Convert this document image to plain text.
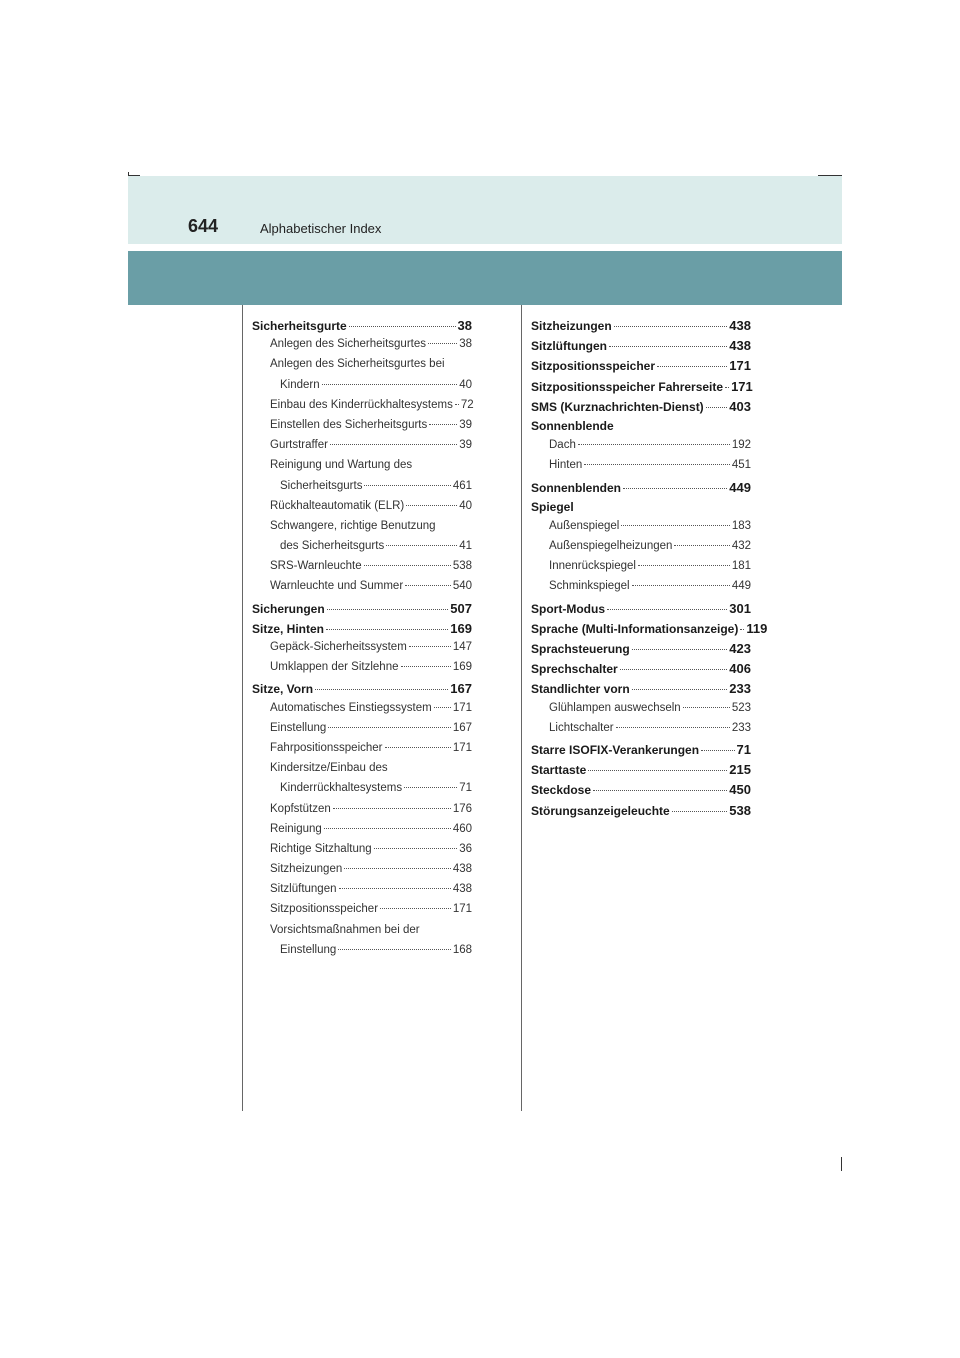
644	Alphabetischer Index
Sicherheitsgurte	38
Anlegen des Sicherheitsgurtes	38
Anlegen des Sicherheitsgurtes bei
Kindern	40
Einbau des Kinderrückhaltesystems 72
Einstellen des Sicherheitsgurts	39
Gurtstraffer	39
Reinigung und Wartung des
Sicherheitsgurts	461
Rückhalteautomatik (ELR)	40
Schwangere, richtige Benutzung
des Sicherheitsgurts	41
SRS-Warnleuchte	538
Warnleuchte und Summer	540
Sicherungen	507
Sitze, Hinten	169
Gepäck-Sicherheitssystem	147
Umklappen der Sitzlehne	169
Sitze, Vorn	167
Automatisches Einstiegssystem 171
Einstellung	167
Fahrpositionsspeicher	171
Kindersitze/Einbau des
Kinderrückhaltesystems	71
Kopfstützen	176
Reinigung	460
Richtige Sitzhaltung	36
Sitzheizungen	438
Sitzlüftungen	438
Sitzpositionsspeicher	171
Vorsichtsmaßnahmen bei der
Einstellung	168
Sitzheizungen	438
Sitzlüftungen	438
Sitzpositionsspeicher	171
Sitzpositionsspeicher Fahrerseite 171
SMS (Kurznachrichten-Dienst) 403
Sonnenblende
Dach	192
Hinten	451
Sonnenblenden	449
Spiegel
Außenspiegel	183
Außenspiegelheizungen	432
Innenrückspiegel	181
Schminkspiegel	449
Sport-Modus	301
Sprache (Multi-Informationsanzeige) 119
Sprachsteuerung	423
Sprechschalter	406
Standlichter vorn	233
Glühlampen auswechseln	523
Lichtschalter	233
Starre ISOFIX-Verankerungen	71
Starttaste	215
Steckdose	450
Störungsanzeigeleuchte	538
